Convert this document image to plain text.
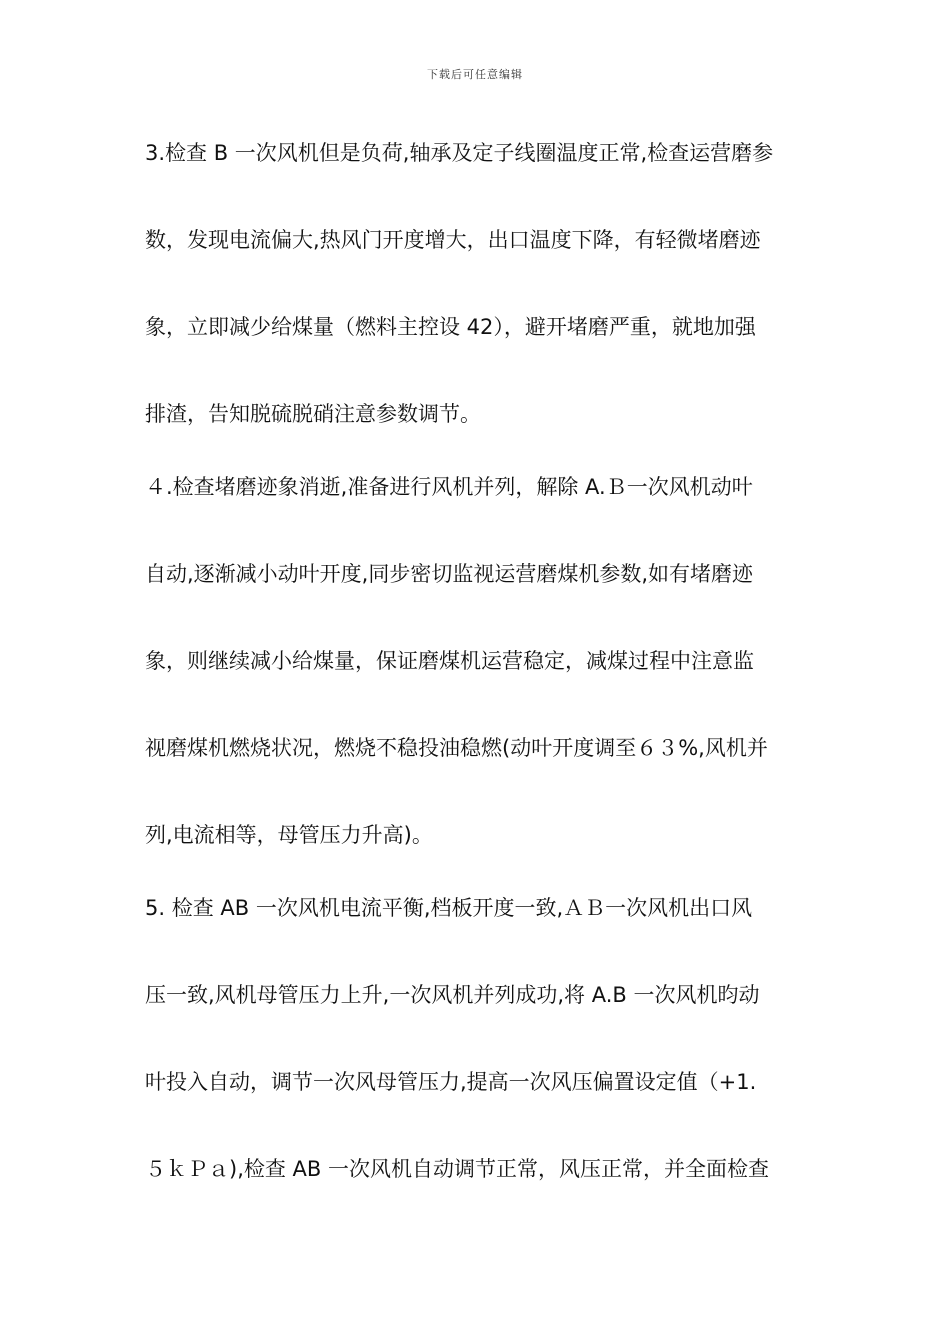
下载后可任意编辑
3.检查 B 一次风机但是负荷,轴承及定子线圈温度正常,检查运营磨参
数，发现电流偏大,热风门开度增大，出口温度下降，有轻微堵磨迹
象，立即减少给煤量（燃料主控设 42），避开堵磨严重，就地加强
排渣，告知脱硫脱硝注意参数调节。
４.检查堵磨迹象消逝,准备进行风机并列，解除 A.Ｂ一次风机动叶
自动,逐渐减小动叶开度,同步密切监视运营磨煤机参数,如有堵磨迹
象，则继续减小给煤量，保证磨煤机运营稳定，减煤过程中注意监
视磨煤机燃烧状况，燃烧不稳投油稳燃(动叶开度调至６３%,风机并
列,电流相等，母管压力升高)。
5. 检查 AB 一次风机电流平衡,档板开度一致,ＡＢ一次风机出口风
压一致,风机母管压力上升,一次风机并列成功,将 A.B 一次风机昀动
叶投入自动，调节一次风母管压力,提高一次风压偏置设定值（+1.
５ｋＰａ),检查 AB 一次风机自动调节正常，风压正常，并全面检查
